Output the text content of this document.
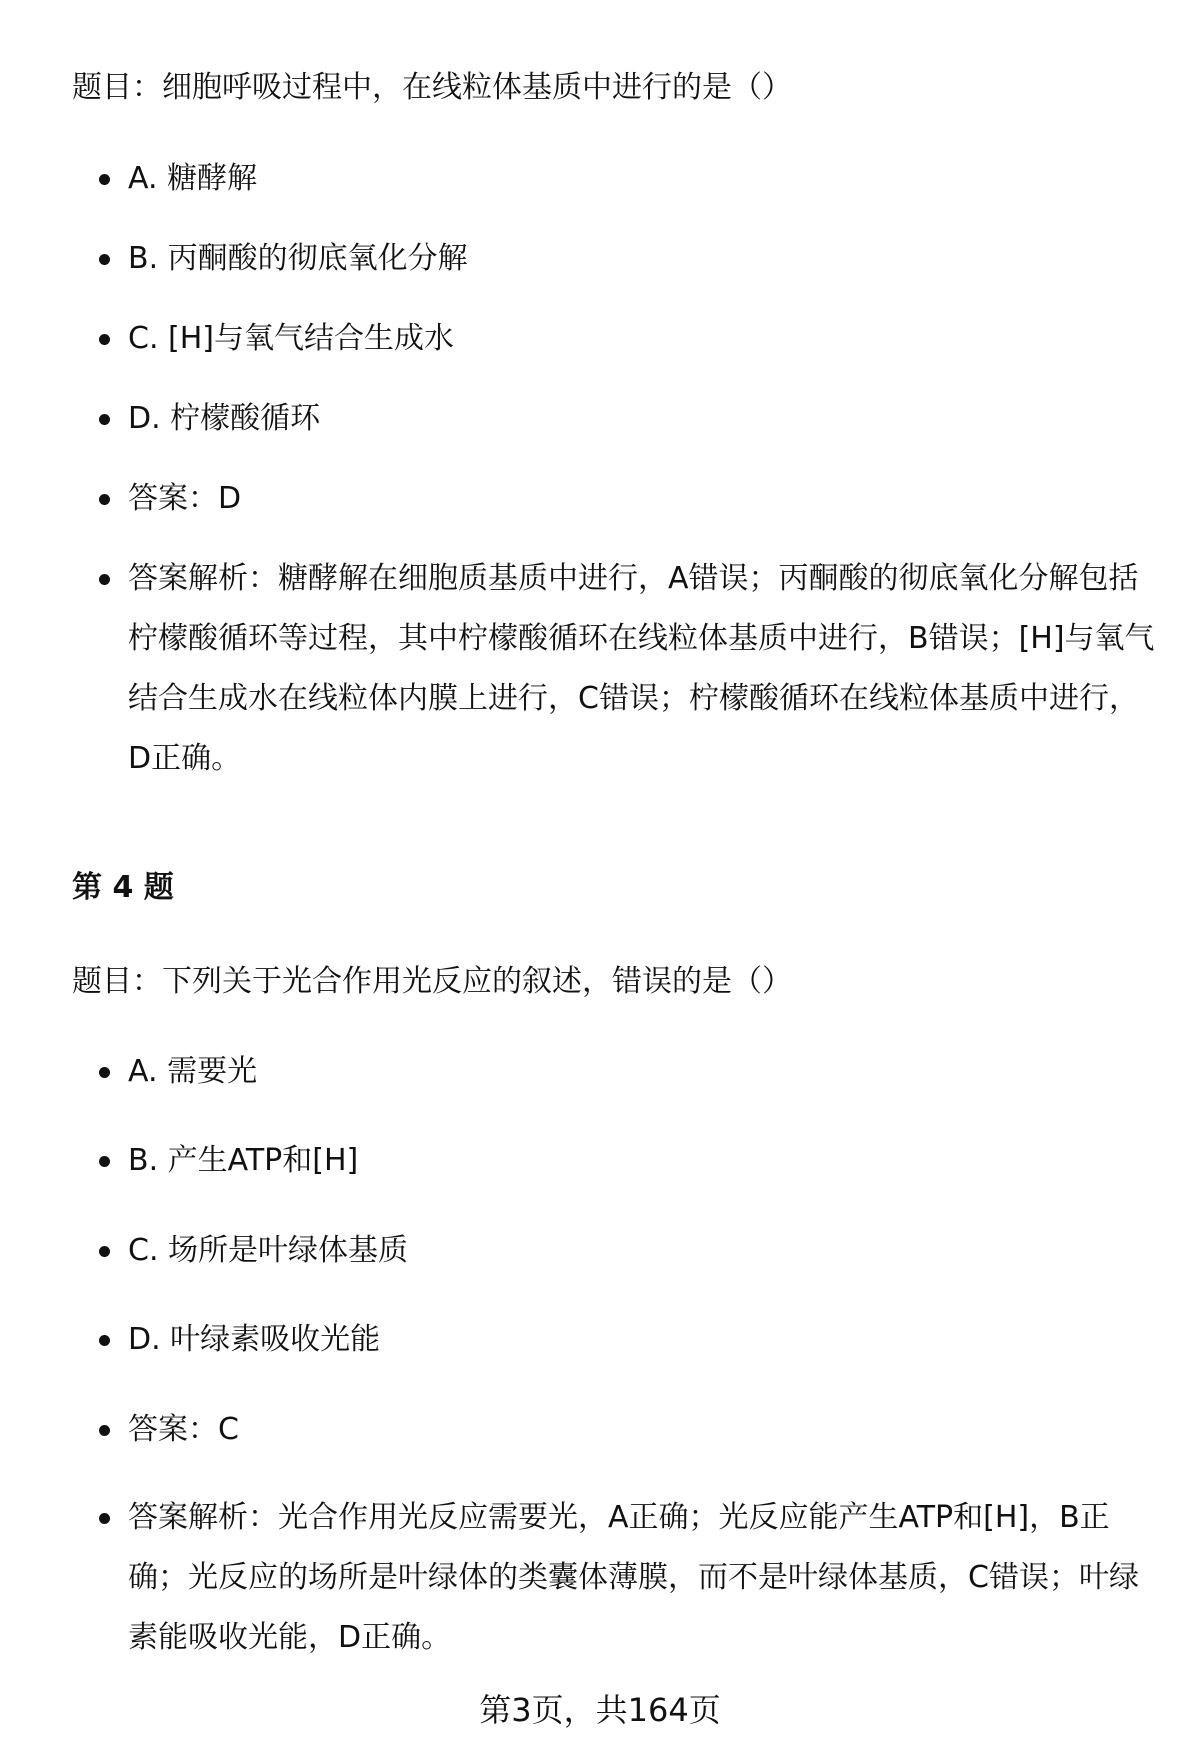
题目：细胞呼吸过程中，在线粒体基质中进行的是（）
A. 糖酵解
B. 丙酮酸的彻底氧化分解
C. [H]与氧气结合生成水
D. 柠檬酸循环
答案：D
答案解析：糖酵解在细胞质基质中进行，A错误；丙酮酸的彻底氧化分解包括柠檬酸循环等过程，其中柠檬酸循环在线粒体基质中进行，B错误；[H]与氧气结合生成水在线粒体内膜上进行，C错误；柠檬酸循环在线粒体基质中进行，D正确。
第 4 题
题目：下列关于光合作用光反应的叙述，错误的是（）
A. 需要光
B. 产生ATP和[H]
C. 场所是叶绿体基质
D. 叶绿素吸收光能
答案：C
答案解析：光合作用光反应需要光，A正确；光反应能产生ATP和[H]，B正确；光反应的场所是叶绿体的类囊体薄膜，而不是叶绿体基质，C错误；叶绿素能吸收光能，D正确。
第3页，共164页
